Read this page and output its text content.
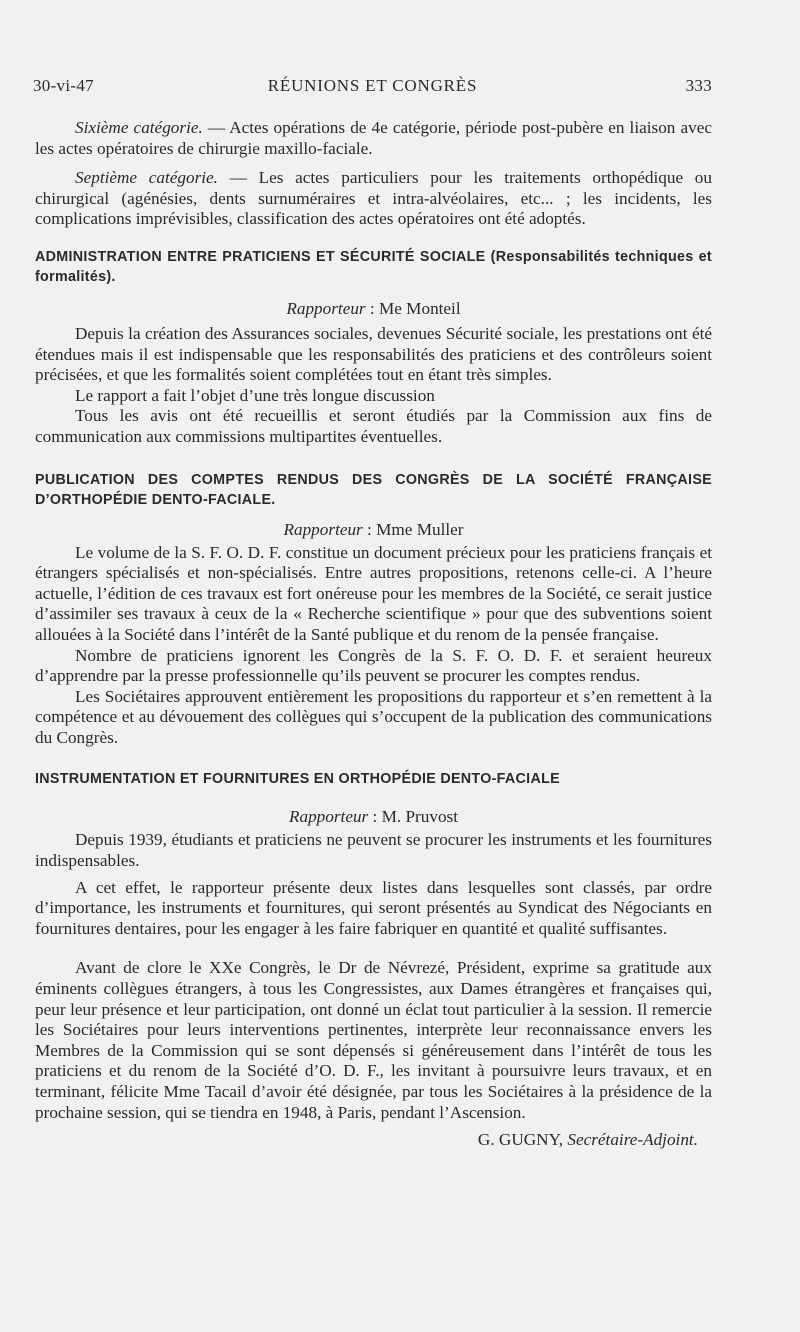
30-vi-47	RÉUNIONS ET CONGRÈS	333

Sixième catégorie. — Actes opérations de 4e catégorie, période post-pubère en liaison avec les actes opératoires de chirurgie maxillo-faciale.

Septième catégorie. — Les actes particuliers pour les traitements orthopédique ou chirurgical (agénésies, dents surnuméraires et intra-alvéolaires, etc... ; les incidents, les complications imprévisibles, classification des actes opératoires ont été adoptés.

ADMINISTRATION ENTRE PRATICIENS ET SÉCURITÉ SOCIALE (Responsabilités techniques et formalités).
Rapporteur : Me Monteil

Depuis la création des Assurances sociales, devenues Sécurité sociale, les prestations ont été étendues mais il est indispensable que les responsabilités des praticiens et des contrôleurs soient précisées, et que les formalités soient complétées tout en étant très simples.

Le rapport a fait l’objet d’une très longue discussion

Tous les avis ont été recueillis et seront étudiés par la Commission aux fins de communication aux commissions multipartites éventuelles.

PUBLICATION DES COMPTES RENDUS DES CONGRÈS DE LA SOCIÉTÉ FRANÇAISE D’ORTHOPÉDIE DENTO-FACIALE.
Rapporteur : Mme Muller

Le volume de la S. F. O. D. F. constitue un document précieux pour les praticiens français et étrangers spécialisés et non-spécialisés. Entre autres propositions, retenons celle-ci. A l’heure actuelle, l’édition de ces travaux est fort onéreuse pour les membres de la Société, ce serait justice d’assimiler ses travaux à ceux de la « Recherche scientifique » pour que des subventions soient allouées à la Société dans l’intérêt de la Santé publique et du renom de la pensée française.

Nombre de praticiens ignorent les Congrès de la S. F. O. D. F. et seraient heureux d’apprendre par la presse professionnelle qu’ils peuvent se procurer les comptes rendus.

Les Sociétaires approuvent entièrement les propositions du rapporteur et s’en remettent à la compétence et au dévouement des collègues qui s’occupent de la publication des communications du Congrès.

INSTRUMENTATION ET FOURNITURES EN ORTHOPÉDIE DENTO-FACIALE
Rapporteur : M. Pruvost

Depuis 1939, étudiants et praticiens ne peuvent se procurer les instruments et les fournitures indispensables.

A cet effet, le rapporteur présente deux listes dans lesquelles sont classés, par ordre d’importance, les instruments et fournitures, qui seront présentés au Syndicat des Négociants en fournitures dentaires, pour les engager à les faire fabriquer en quantité et qualité suffisantes.

Avant de clore le XXe Congrès, le Dr de Névrezé, Président, exprime sa gratitude aux éminents collègues étrangers, à tous les Congressistes, aux Dames étrangères et françaises qui, peur leur présence et leur participation, ont donné un éclat tout particulier à la session. Il remercie les Sociétaires pour leurs interventions pertinentes, interprète leur reconnaissance envers les Membres de la Commission qui se sont dépensés si généreusement dans l’intérêt de tous les praticiens et du renom de la Société d’O. D. F., les invitant à poursuivre leurs travaux, et en terminant, félicite Mme Tacail d’avoir été désignée, par tous les Sociétaires à la présidence de la prochaine session, qui se tiendra en 1948, à Paris, pendant l’Ascension.

G. GUGNY, Secrétaire-Adjoint.
